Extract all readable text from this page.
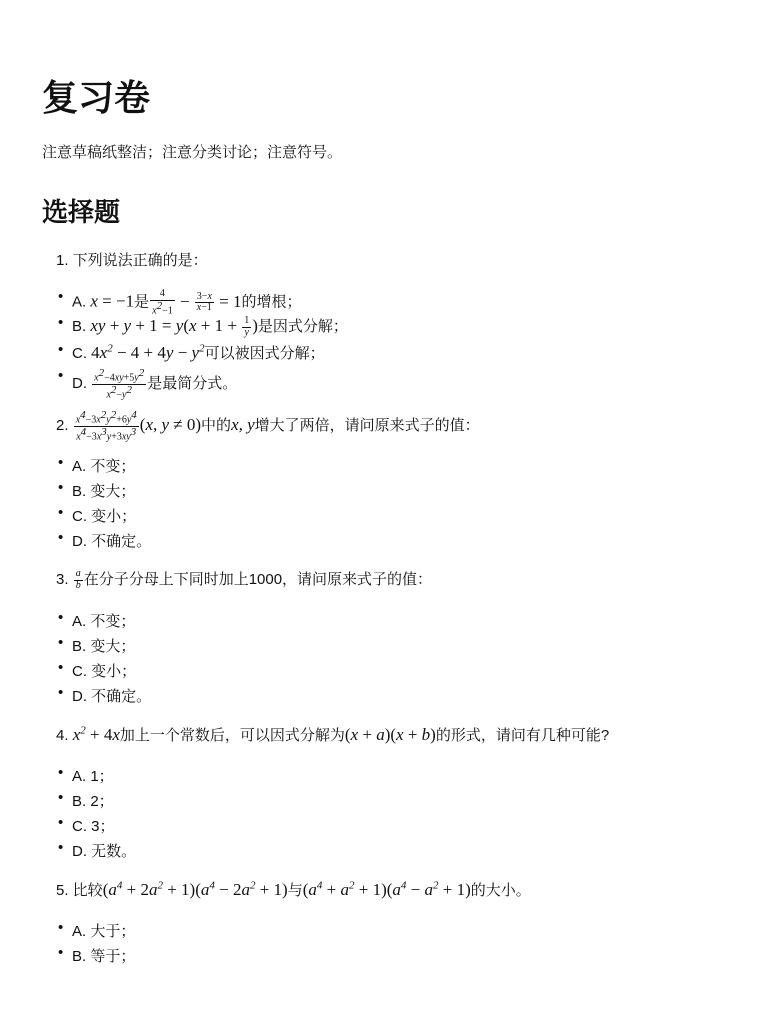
复习卷
注意草稿纸整洁；注意分类讨论；注意符号。
选择题
1. 下列说法正确的是：
A. x = −1是 $\frac{4}{x^2-1} - \frac{3-x}{x-1} = 1$的增根；
B. xy + $y + 1 = y(x + 1 + \frac{1}{y}$ )是因式分解；
C. $4x^2 - 4 + 4y - y^2$可以被因式分解；
D. $\frac{x^2-4xy+5y^2}{x^2-y^2}$ 是最简分式。
2. $\frac{x^4-3x^2y^2+6y^4}{x^4-3x^3y+3xy^3} (x$, y ≠ 0)中的x, y增大了两倍，请问原来式子的值：
A. 不变；
B. 变大；
C. 变小；
D. 不确定。
3. $\frac{a}{b}$ 在分子分母上下同时加上1000，请问原来式子的值：
A. 不变；
B. 变大；
C. 变小；
D. 不确定。
4. $x^2 + 4x$加上一个常数后，可以因式分解为(x + a)(x + b)的形式，请问有几种可能?
A. 1；
B. 2；
C. 3；
D. 无数。
5. 比较$(a^4 + 2a^2 + 1)(a^4 - 2a^2 + 1)$与$(a^4 + a^2 + 1)(a^4 - a^2 + 1)$的大小。
A. 大于；
B. 等于；
